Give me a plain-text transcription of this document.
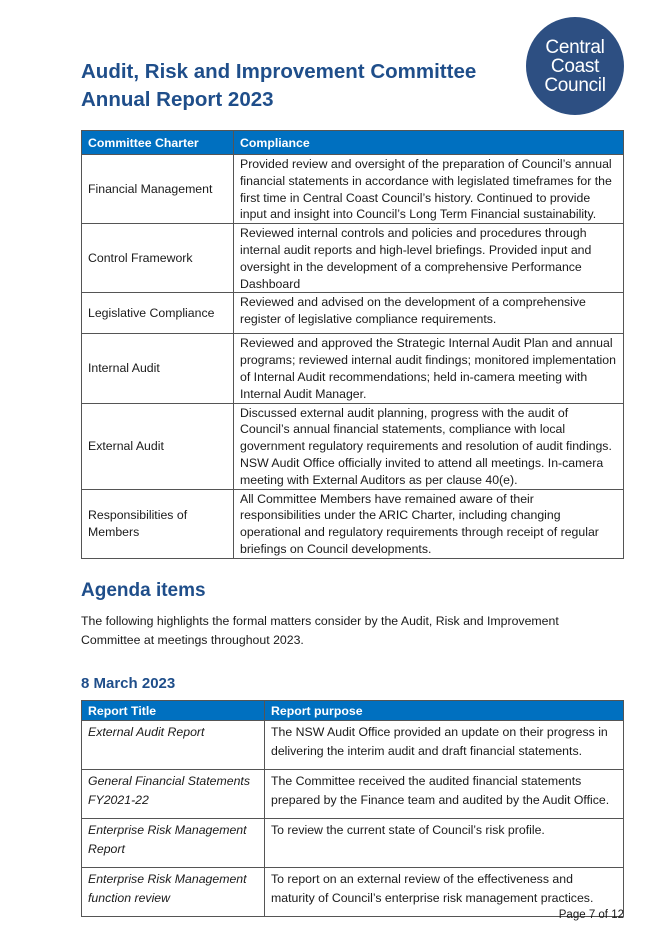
Audit, Risk and Improvement Committee
Annual Report 2023
Central
Coast
Council
Committee Charter	Compliance
Financial Management	Provided review and oversight of the preparation of Council’s annual financial statements in accordance with legislated timeframes for the first time in Central Coast Council’s history. Continued to provide input and insight into Council’s Long Term Financial sustainability.
Control Framework	Reviewed internal controls and policies and procedures through internal audit reports and high-level briefings. Provided input and oversight in the development of a comprehensive Performance Dashboard
Legislative Compliance	Reviewed and advised on the development of a comprehensive register of legislative compliance requirements.
Internal Audit	Reviewed and approved the Strategic Internal Audit Plan and annual programs; reviewed internal audit findings; monitored implementation of Internal Audit recommendations; held in-camera meeting with Internal Audit Manager.
External Audit	Discussed external audit planning, progress with the audit of Council’s annual financial statements, compliance with local government regulatory requirements and resolution of audit findings. NSW Audit Office officially invited to attend all meetings. In-camera meeting with External Auditors as per clause 40(e).
Responsibilities of Members	All Committee Members have remained aware of their responsibilities under the ARIC Charter, including changing operational and regulatory requirements through receipt of regular briefings on Council developments.
Agenda items

The following highlights the formal matters consider by the Audit, Risk and Improvement Committee at meetings throughout 2023.

8 March 2023
Report Title	Report purpose
External Audit Report	The NSW Audit Office provided an update on their progress in delivering the interim audit and draft financial statements.
General Financial Statements FY2021-22	The Committee received the audited financial statements prepared by the Finance team and audited by the Audit Office.
Enterprise Risk Management Report	To review the current state of Council’s risk profile.
Enterprise Risk Management function review	To report on an external review of the effectiveness and maturity of Council’s enterprise risk management practices.
Page 7 of 12
